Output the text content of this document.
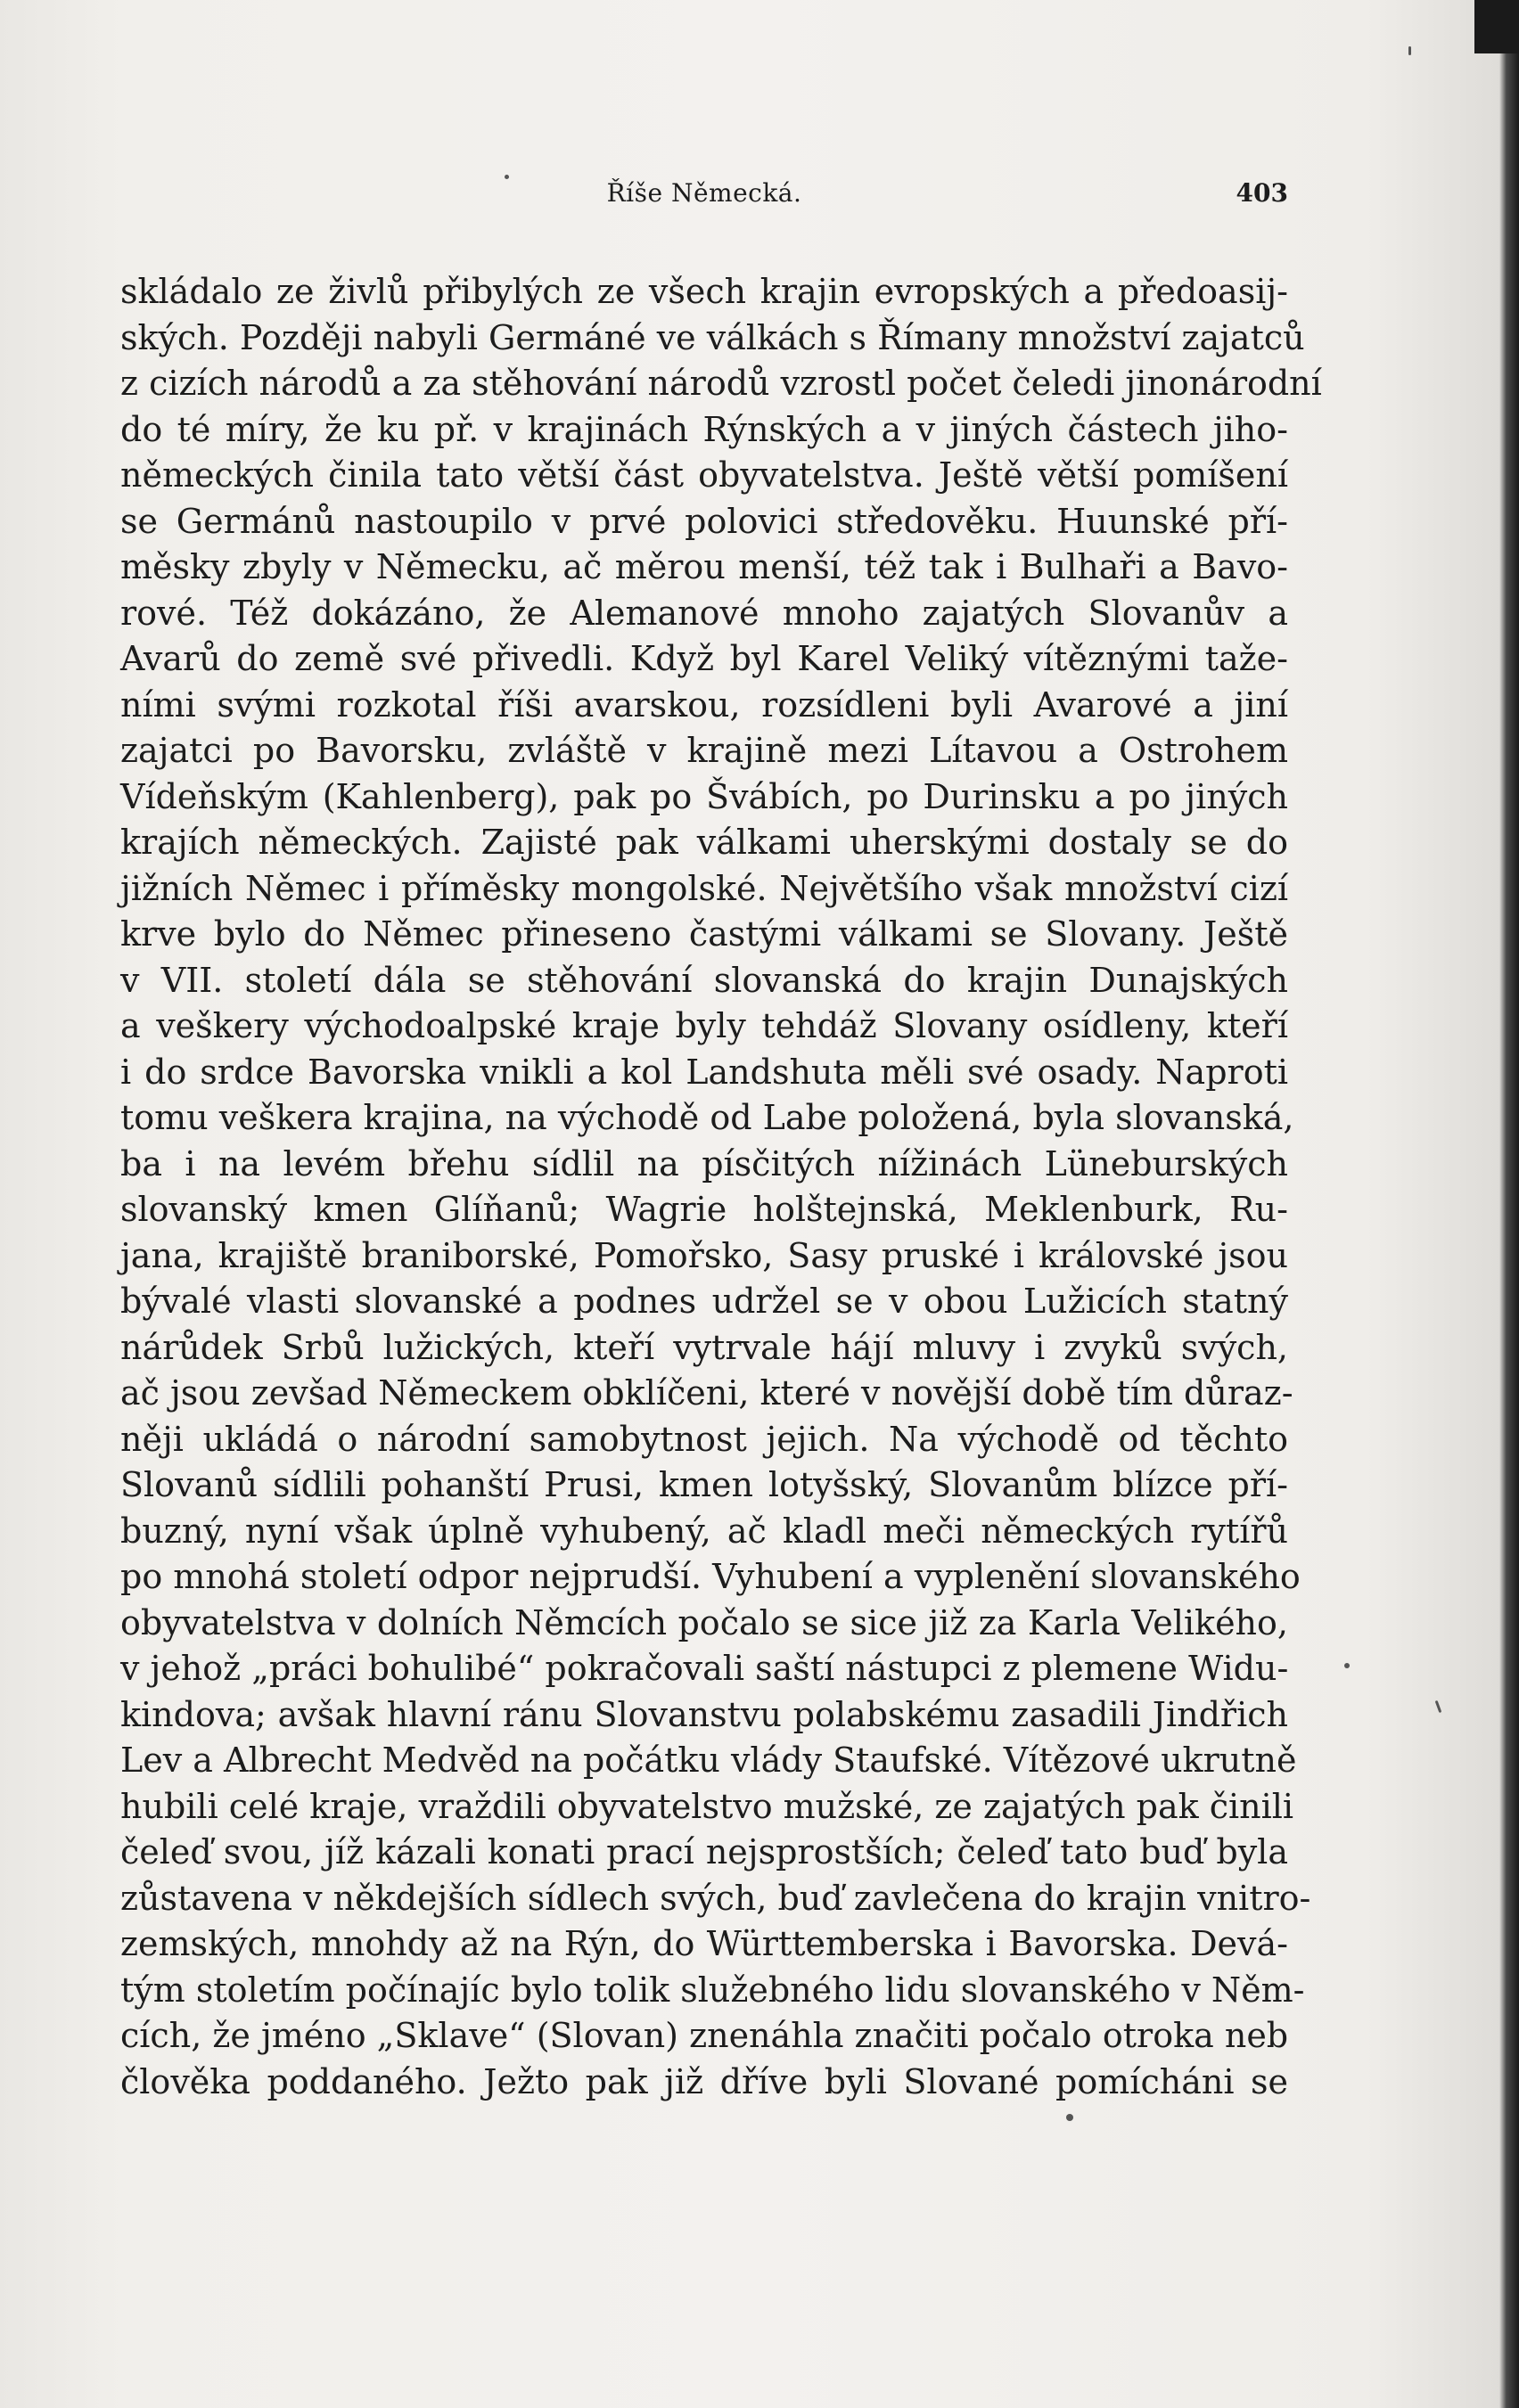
Říše Německá.	403
skládalo ze živlů přibylých ze všech krajin evropských a předoasij-
ských. Později nabyli Germáné ve válkách s Římany množství zajatců
z cizích národů a za stěhování národů vzrostl počet čeledi jinonárodní
do té míry, že ku př. v krajinách Rýnských a v jiných částech jiho-
německých činila tato větší část obyvatelstva. Ještě větší pomíšení
se Germánů nastoupilo v prvé polovici středověku. Huunské pří-
měsky zbyly v Německu, ač měrou menší, též tak i Bulhaři a Bavo-
rové. Též dokázáno, že Alemanové mnoho zajatých Slovanův a
Avarů do země své přivedli. Když byl Karel Veliký vítěznými taže-
ními svými rozkotal říši avarskou, rozsídleni byli Avarové a jiní
zajatci po Bavorsku, zvláště v krajině mezi Lítavou a Ostrohem
Vídeňským (Kahlenberg), pak po Švábích, po Durinsku a po jiných
krajích německých. Zajisté pak válkami uherskými dostaly se do
jižních Němec i příměsky mongolské. Největšího však množství cizí
krve bylo do Němec přineseno častými válkami se Slovany. Ještě
v VII. století dála se stěhování slovanská do krajin Dunajských
a veškery východoalpské kraje byly tehdáž Slovany osídleny, kteří
i do srdce Bavorska vnikli a kol Landshuta měli své osady. Naproti
tomu veškera krajina, na východě od Labe položená, byla slovanská,
ba i na levém břehu sídlil na písčitých nížinách Lüneburských
slovanský kmen Glíňanů; Wagrie holštejnská, Meklenburk, Ru-
jana, krajiště braniborské, Pomořsko, Sasy pruské i královské jsou
bývalé vlasti slovanské a podnes udržel se v obou Lužicích statný
nárůdek Srbů lužických, kteří vytrvale hájí mluvy i zvyků svých,
ač jsou zevšad Německem obklíčeni, které v novější době tím důraz-
něji ukládá o národní samobytnost jejich. Na východě od těchto
Slovanů sídlili pohanští Prusi, kmen lotyšský, Slovanům blízce pří-
buzný, nyní však úplně vyhubený, ač kladl meči německých rytířů
po mnohá století odpor nejprudší. Vyhubení a vyplenění slovanského
obyvatelstva v dolních Němcích počalo se sice již za Karla Velikého,
v jehož „práci bohulibé“ pokračovali saští nástupci z plemene Widu-
kindova; avšak hlavní ránu Slovanstvu polabskému zasadili Jindřich
Lev a Albrecht Medvěd na počátku vlády Staufské. Vítězové ukrutně
hubili celé kraje, vraždili obyvatelstvo mužské, ze zajatých pak činili
čeleď svou, jíž kázali konati prací nejsprostších; čeleď tato buď byla
zůstavena v někdejších sídlech svých, buď zavlečena do krajin vnitro-
zemských, mnohdy až na Rýn, do Württemberska i Bavorska. Devá-
tým stoletím počínajíc bylo tolik služebného lidu slovanského v Něm-
cích, že jméno „Sklave“ (Slovan) znenáhla značiti počalo otroka neb
člověka poddaného. Ježto pak již dříve byli Slované pomícháni se
